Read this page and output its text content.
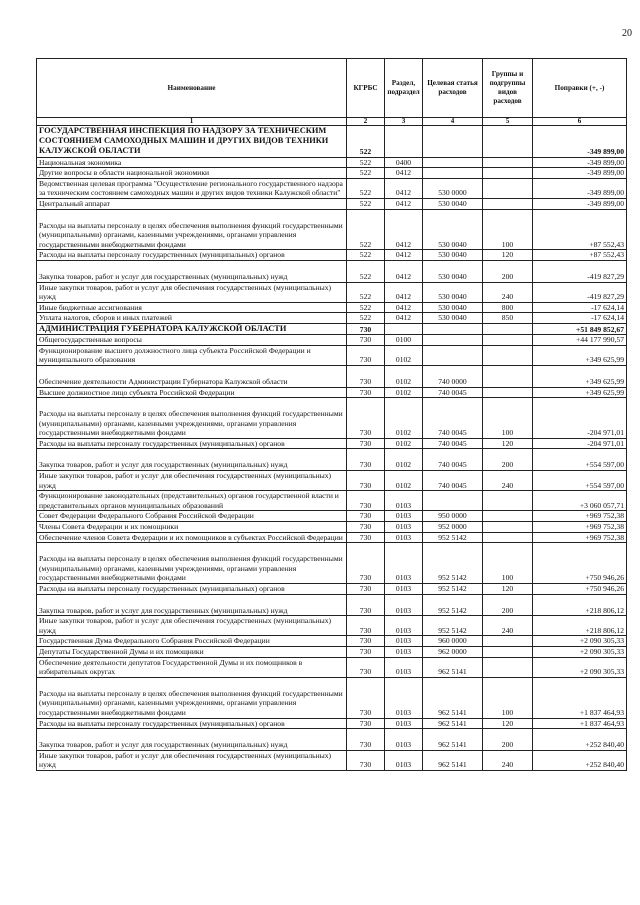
20
Наименование	КГРБС	Раздел, подраздел	Целевая статья расходов	Группы и подгруппы видов расходов	Поправки (+, -)
1	2	3	4	5	6
ГОСУДАРСТВЕННАЯ ИНСПЕКЦИЯ ПО НАДЗОРУ ЗА ТЕХНИЧЕСКИМ СОСТОЯНИЕМ САМОХОДНЫХ МАШИН И ДРУГИХ ВИДОВ ТЕХНИКИ КАЛУЖСКОЙ ОБЛАСТИ	522				-349 899,00
Национальная экономика	522	0400			-349 899,00
Другие вопросы в области национальной экономики	522	0412			-349 899,00
Ведомственная целевая программа "Осуществление регионального государственного надзора за техническим состоянием самоходных машин и других видов техники Калужской области"	522	0412	530 0000		-349 899,00
Центральный аппарат	522	0412	530 0040		-349 899,00
Расходы на выплаты персоналу в целях обеспечения выполнения функций государственными (муниципальными) органами, казенными учреждениями, органами управления государственными внебюджетными фондами	522	0412	530 0040	100	+87 552,43
Расходы на выплаты персоналу государственных (муниципальных) органов	522	0412	530 0040	120	+87 552,43
Закупка товаров, работ и услуг для государственных (муниципальных) нужд	522	0412	530 0040	200	-419 827,29
Иные закупки товаров, работ и услуг для обеспечения государственных (муниципальных) нужд	522	0412	530 0040	240	-419 827,29
Иные бюджетные ассигнования	522	0412	530 0040	800	-17 624,14
Уплата налогов, сборов и иных платежей	522	0412	530 0040	850	-17 624,14
АДМИНИСТРАЦИЯ ГУБЕРНАТОРА КАЛУЖСКОЙ ОБЛАСТИ	730				+51 849 852,67
Общегосударственные вопросы	730	0100			+44 177 990,57
Функционирование высшего должностного лица субъекта Российской Федерации и муниципального образования	730	0102			+349 625,99
Обеспечение деятельности Администрации Губернатора Калужской области	730	0102	740 0000		+349 625,99
Высшее должностное лицо субъекта Российской Федерации	730	0102	740 0045		+349 625,99
Расходы на выплаты персоналу в целях обеспечения выполнения функций государственными (муниципальными) органами, казенными учреждениями, органами управления государственными внебюджетными фондами	730	0102	740 0045	100	-204 971,01
Расходы на выплаты персоналу государственных (муниципальных) органов	730	0102	740 0045	120	-204 971,01
Закупка товаров, работ и услуг для государственных (муниципальных) нужд	730	0102	740 0045	200	+554 597,00
Иные закупки товаров, работ и услуг для обеспечения государственных (муниципальных) нужд	730	0102	740 0045	240	+554 597,00
Функционирование законодательных (представительных) органов государственной власти и представительных органов муниципальных образований	730	0103			+3 060 057,71
Совет Федерации Федерального Собрания Российской Федерации	730	0103	950 0000		+969 752,38
Члены Совета Федерации и их помощники	730	0103	952 0000		+969 752,38
Обеспечение членов Совета Федерации и их помощников в субъектах Российской Федерации	730	0103	952 5142		+969 752,38
Расходы на выплаты персоналу в целях обеспечения выполнения функций государственными (муниципальными) органами, казенными учреждениями, органами управления государственными внебюджетными фондами	730	0103	952 5142	100	+750 946,26
Расходы на выплаты персоналу государственных (муниципальных) органов	730	0103	952 5142	120	+750 946,26
Закупка товаров, работ и услуг для государственных (муниципальных) нужд	730	0103	952 5142	200	+218 806,12
Иные закупки товаров, работ и услуг для обеспечения государственных (муниципальных) нужд	730	0103	952 5142	240	+218 806,12
Государственная Дума Федерального Собрания Российской Федерации	730	0103	960 0000		+2 090 305,33
Депутаты Государственной Думы и их помощники	730	0103	962 0000		+2 090 305,33
Обеспечение деятельности депутатов Государственной Думы и их помощников в избирательных округах	730	0103	962 5141		+2 090 305,33
Расходы на выплаты персоналу в целях обеспечения выполнения функций государственными (муниципальными) органами, казенными учреждениями, органами управления государственными внебюджетными фондами	730	0103	962 5141	100	+1 837 464,93
Расходы на выплаты персоналу государственных (муниципальных) органов	730	0103	962 5141	120	+1 837 464,93
Закупка товаров, работ и услуг для государственных (муниципальных) нужд	730	0103	962 5141	200	+252 840,40
Иные закупки товаров, работ и услуг для обеспечения государственных (муниципальных) нужд	730	0103	962 5141	240	+252 840,40
